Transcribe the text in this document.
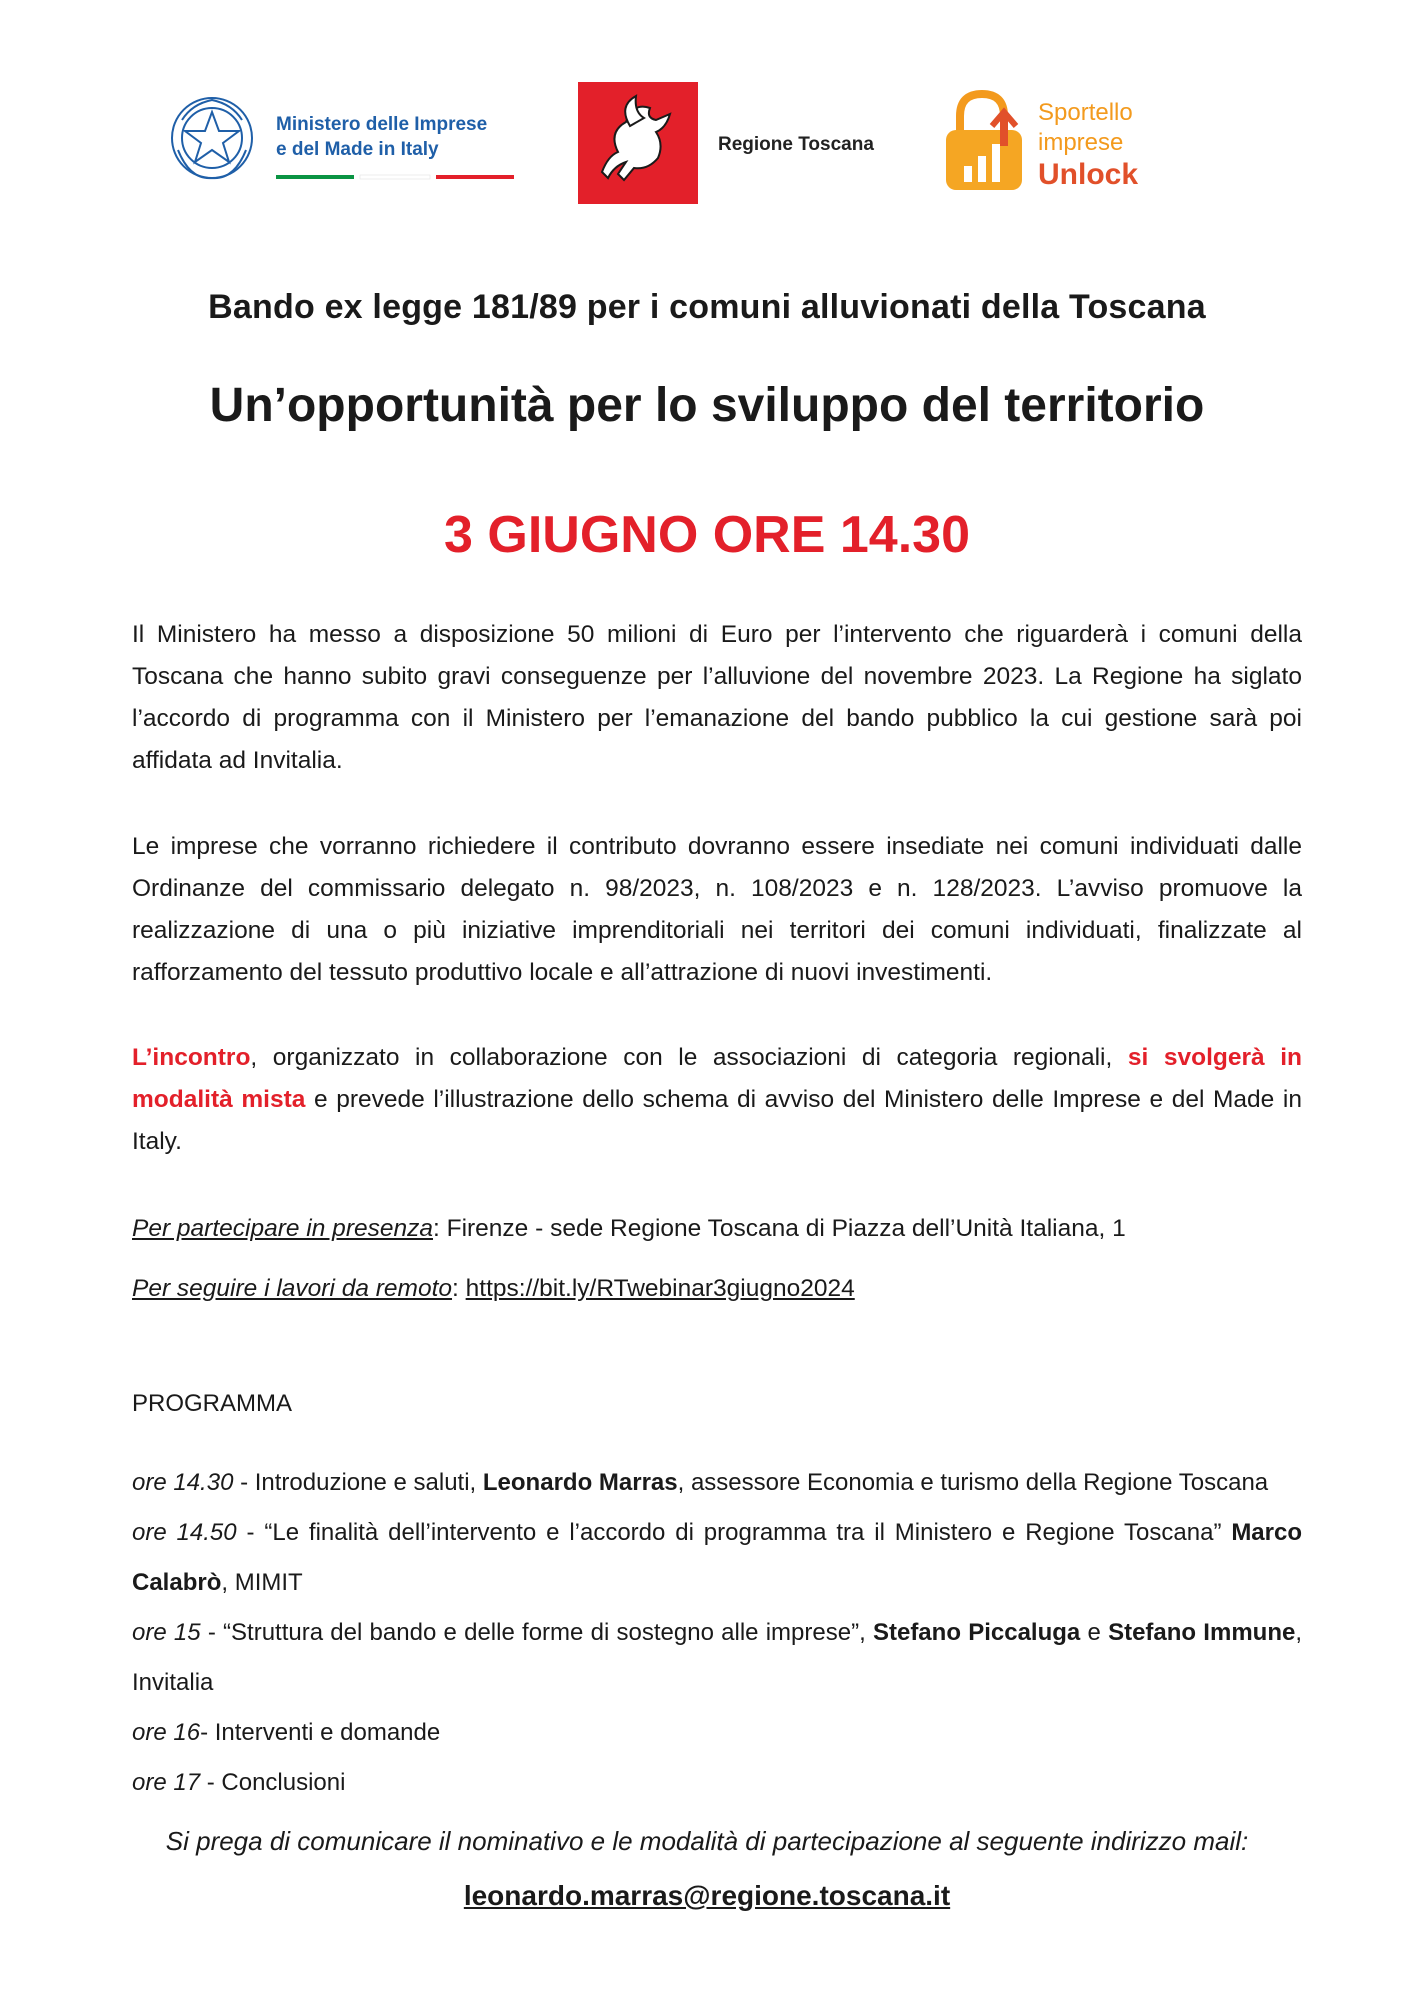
Ministero delle Imprese
e del Made in Italy	Regione Toscana
Sportello
imprese
Unlock
Bando ex legge 181/89 per i comuni alluvionati della Toscana
Un’opportunità per lo sviluppo del territorio
3 GIUGNO ORE 14.30
Il Ministero ha messo a disposizione 50 milioni di Euro per l’intervento che riguarderà i comuni della Toscana che hanno subito gravi conseguenze per l’alluvione del novembre 2023. La Regione ha siglato l’accordo di programma con il Ministero per l’emanazione del bando pubblico la cui gestione sarà poi affidata ad Invitalia.
Le imprese che vorranno richiedere il contributo dovranno essere insediate nei comuni individuati dalle Ordinanze del commissario delegato n. 98/2023, n. 108/2023 e n. 128/2023. L’avviso promuove la realizzazione di una o più iniziative imprenditoriali nei territori dei comuni individuati, finalizzate al rafforzamento del tessuto produttivo locale e all’attrazione di nuovi investimenti.
L’incontro, organizzato in collaborazione con le associazioni di categoria regionali, si svolgerà in modalità mista e prevede l’illustrazione dello schema di avviso del Ministero delle Imprese e del Made in Italy.
Per partecipare in presenza: Firenze - sede Regione Toscana di Piazza dell’Unità Italiana, 1
Per seguire i lavori da remoto: https://bit.ly/RTwebinar3giugno2024
PROGRAMMA
ore 14.30 - Introduzione e saluti, Leonardo Marras, assessore Economia e turismo della Regione Toscana
ore 14.50 - “Le finalità dell’intervento e l’accordo di programma tra il Ministero e Regione Toscana” Marco Calabrò, MIMIT
ore 15 - “Struttura del bando e delle forme di sostegno alle imprese”, Stefano Piccaluga e Stefano Immune, Invitalia
ore 16- Interventi e domande
ore 17 - Conclusioni
Si prega di comunicare il nominativo e le modalità di partecipazione al seguente indirizzo mail:
leonardo.marras@regione.toscana.it
